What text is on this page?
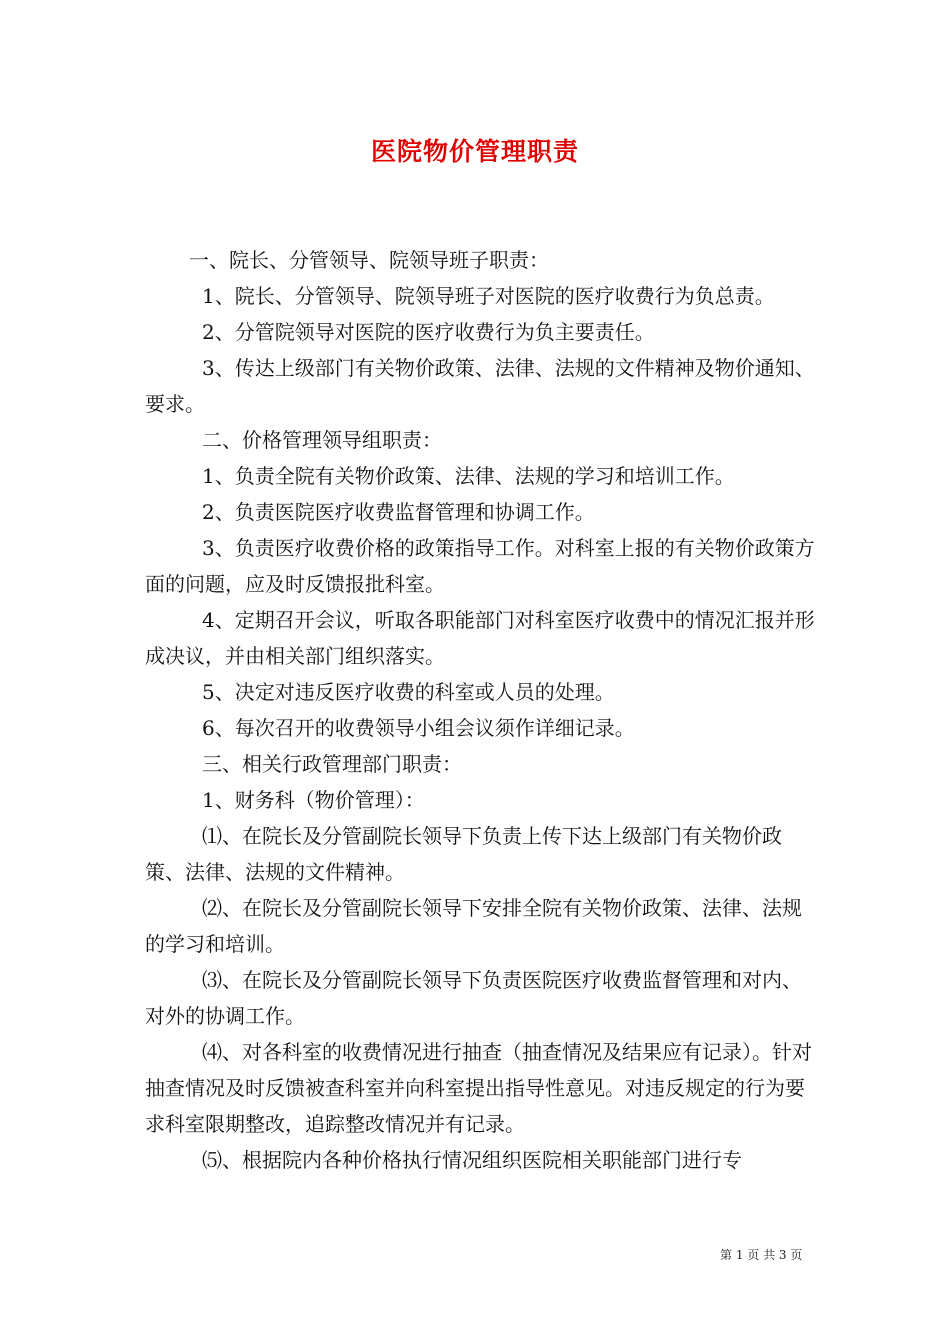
医院物价管理职责

一、院长、分管领导、院领导班子职责：

1、院长、分管领导、院领导班子对医院的医疗收费行为负总责。

2、分管院领导对医院的医疗收费行为负主要责任。

3、传达上级部门有关物价政策、法律、法规的文件精神及物价通知、要求。

二、价格管理领导组职责：

1、负责全院有关物价政策、法律、法规的学习和培训工作。

2、负责医院医疗收费监督管理和协调工作。

3、负责医疗收费价格的政策指导工作。对科室上报的有关物价政策方面的问题，应及时反馈报批科室。

4、定期召开会议，听取各职能部门对科室医疗收费中的情况汇报并形成决议，并由相关部门组织落实。

5、决定对违反医疗收费的科室或人员的处理。

6、每次召开的收费领导小组会议须作详细记录。

三、相关行政管理部门职责：

1、财务科（物价管理）：

⑴、在院长及分管副院长领导下负责上传下达上级部门有关物价政策、法律、法规的文件精神。

⑵、在院长及分管副院长领导下安排全院有关物价政策、法律、法规的学习和培训。

⑶、在院长及分管副院长领导下负责医院医疗收费监督管理和对内、对外的协调工作。

⑷、对各科室的收费情况进行抽查（抽查情况及结果应有记录）。针对抽查情况及时反馈被查科室并向科室提出指导性意见。对违反规定的行为要求科室限期整改，追踪整改情况并有记录。

⑸、根据院内各种价格执行情况组织医院相关职能部门进行专

第 1 页 共 3 页
